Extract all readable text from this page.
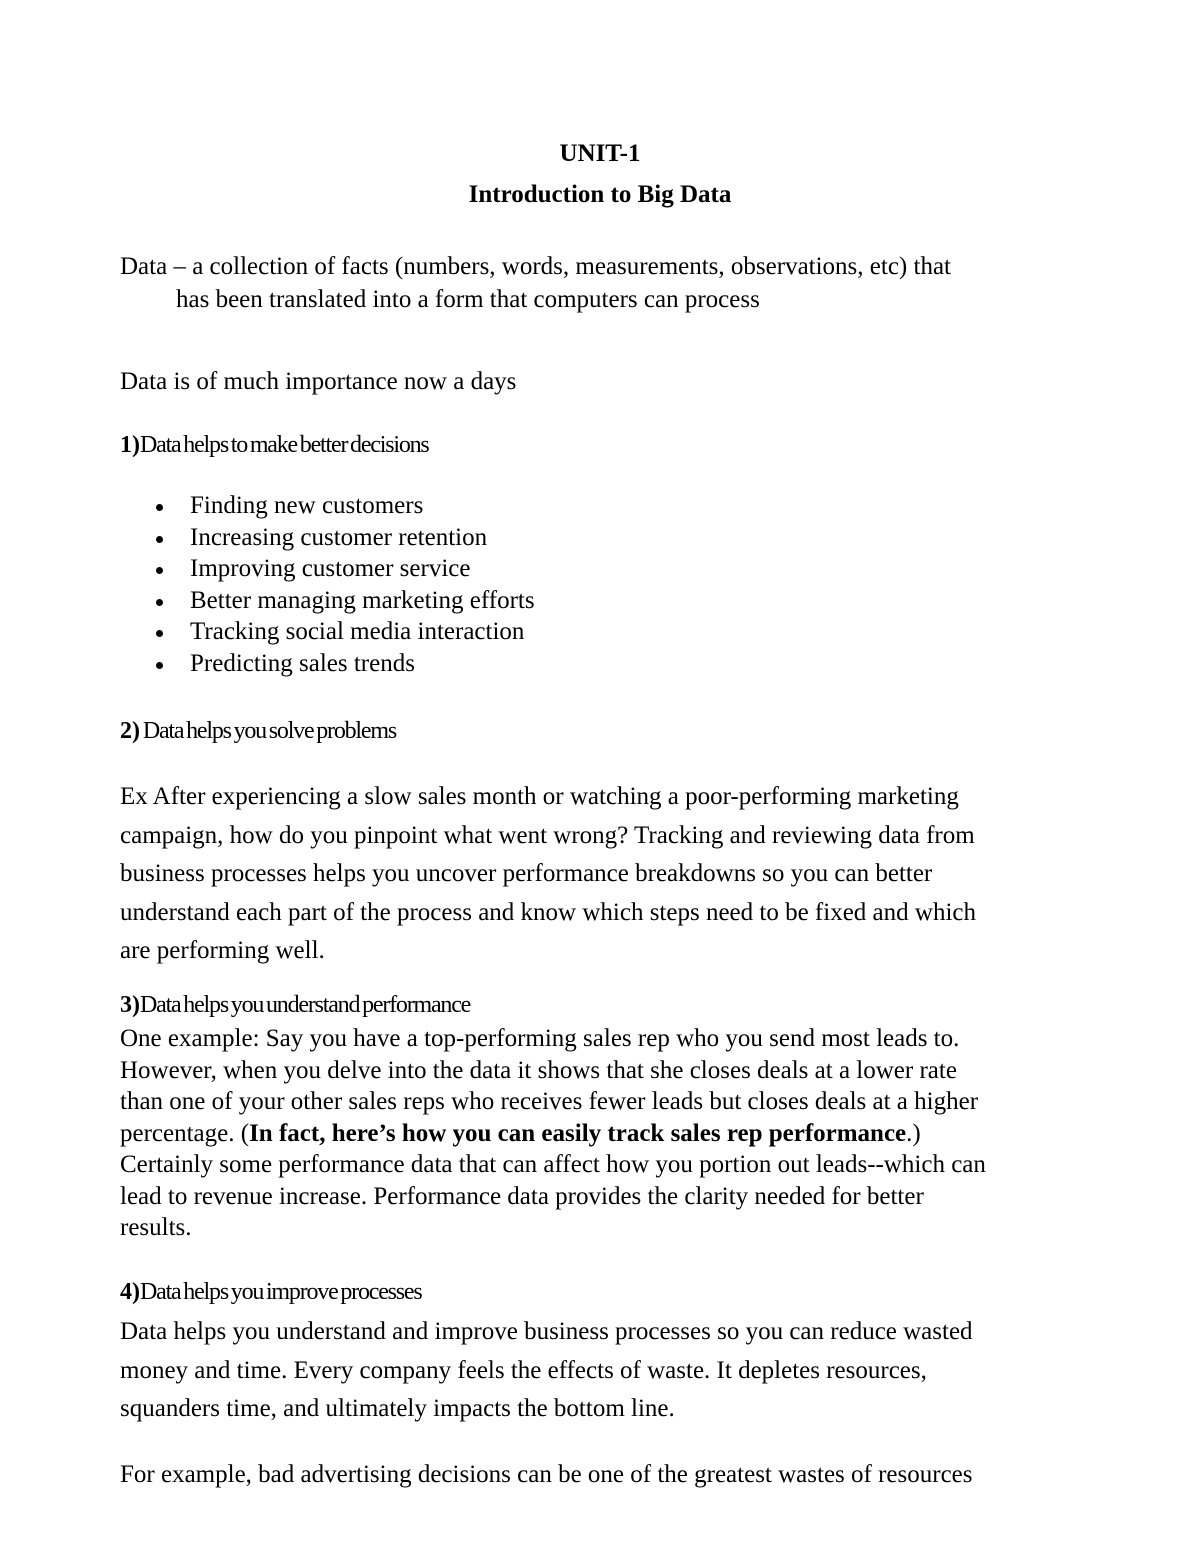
UNIT-1
Introduction to Big Data
Data – a collection of facts (numbers, words, measurements, observations, etc) that
has been translated into a form that computers can process
Data is of much importance now a days
1)Data helps to make better decisions
Finding new customers
Increasing customer retention
Improving customer service
Better managing marketing efforts
Tracking social media interaction
Predicting sales trends
2) Data helps you solve problems
Ex After experiencing a slow sales month or watching a poor-performing marketing
campaign, how do you pinpoint what went wrong? Tracking and reviewing data from
business processes helps you uncover performance breakdowns so you can better
understand each part of the process and know which steps need to be fixed and which
are performing well.
3)Data helps you understand performance
One example: Say you have a top-performing sales rep who you send most leads to.
However, when you delve into the data it shows that she closes deals at a lower rate
than one of your other sales reps who receives fewer leads but closes deals at a higher
percentage. (In fact, here’s how you can easily track sales rep performance.)
Certainly some performance data that can affect how you portion out leads--which can
lead to revenue increase. Performance data provides the clarity needed for better
results.
4)Data helps you improve processes
Data helps you understand and improve business processes so you can reduce wasted
money and time. Every company feels the effects of waste. It depletes resources,
squanders time, and ultimately impacts the bottom line.
For example, bad advertising decisions can be one of the greatest wastes of resources
